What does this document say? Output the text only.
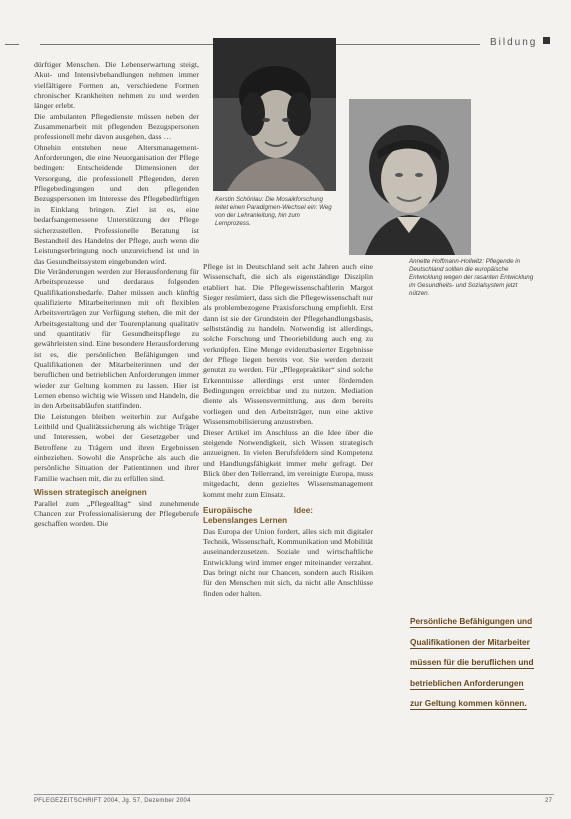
Bildung

dürftiger Menschen. Die Lebenserwartung steigt, Akut- und Intensivbehandlungen nehmen immer vielfältigere Formen an, verschiedene Formen chronischer Krankheiten nehmen zu und werden länger erlebt.

Die ambulanten Pflegedienste müssen neben der Zusammenarbeit mit pflegenden Bezugspersonen professionell mehr davon ausgehen, dass …

Ohnehin entstehen neue Altersmanagement-Anforderungen, die eine Neuorganisation der Pflege bedingen: Entscheidende Dimensionen der Versorgung, die professionell Pflegenden, deren Pflegebedingungen und den pflegenden Bezugspersonen im Interesse des Pflegebedürftigen in Einklang bringen. Ziel ist es, eine bedarfsangemessene Unterstützung der Pflege sicherzustellen. Professionelle Beratung ist Bestandteil des Handelns der Pflege, auch wenn die Leistungserbringung noch unzureichend ist und in das Gesundheitssystem eingebunden wird.

Die Veränderungen werden zur Herausforderung für Arbeitsprozesse und derdaraus folgenden Qualifikationsbedarfe. Daher müssen auch künftig qualifizierte Mitarbeiterinnen mit oft flexiblen Arbeitsverträgen zur Verfügung stehen, die mit der Arbeitsgestaltung und der Tourenplanung qualitativ und quantitativ für Gesundheitspflege zu gewährleisten sind. Eine besondere Herausforderung ist es, die persönlichen Befähigungen und Qualifikationen der Mitarbeiterinnen und der beruflichen und betrieblichen Anforderungen immer wieder zur Geltung kommen zu lassen. Hier ist Lernen ebenso wichtig wie Wissen und Handeln, die in den Arbeitsabläufen stattfinden.

Die Leistungen bleiben weiterhin zur Aufgabe Leitbild und Qualitätssicherung als wichtige Träger und Interessen, wobei der Gesetzgeber und Betroffene zu Trägern und ihren Ergebnissen einbeziehen. Sowohl die Ansprüche als auch die persönliche Situation der Patientinnen und ihrer Familie wachsen mit, die zu erfüllen sind.

Wissen strategisch aneignen

Parallel zum „Pflegealltag“ sind zunehmende Chancen zur Professionalisierung der Pflegeberufe geschaffen worden. Die

Kerstin Schönlau: Die Mosaikforschung leitet einen Paradigmen-Wechsel ein: Weg von der Lehranleitung, hin zum Lernprozess.
Annette Hoffmann-Hollwitz: Pflegende in Deutschland sollten die europäische Entwicklung wegen der rasanten Entwicklung im Gesundheits- und Sozialsystem jetzt nützen.

Pflege ist in Deutschland seit acht Jahren auch eine Wissenschaft, die sich als eigenständige Disziplin etabliert hat. Die Pflegewissenschaftlerin Margot Sieger resümiert, dass sich die Pflegewissenschaft nur als problembezogene Praxisforschung empfiehlt. Erst dann ist sie der Grundstein der Pflegehandlungsbasis, selbstständig zu handeln. Notwendig ist allerdings, solche Forschung und Theoriebildung auch eng zu verknüpfen. Eine Menge evidenzbasierter Ergebnisse der Pflege liegen bereits vor. Sie werden derzeit genutzt zu werden. Für „Pflegepraktiker“ sind solche Erkenntnisse allerdings erst unter fördernden Bedingungen erreichbar und zu nutzen. Mediation diente als Wissensvermittlung, aus dem bereits vorliegen und den Arbeitsträger, nun eine aktive Wissensmobilisierung anzustreben.

Dieser Artikel im Anschluss an die Idee über die steigende Notwendigkeit, sich Wissen strategisch anzueignen. In vielen Berufsfeldern sind Kompetenz und Handlungsfähigkeit immer mehr gefragt. Der Blick über den Tellerrand, im vereinigte Europa, muss mitgedacht, denn gezieltes Wissensmanagement kommt mehr zum Einsatz.

Europäische Idee: Lebenslanges Lernen

Das Europa der Union fordert, alles sich mit digitaler Technik, Wissenschaft, Kommunikation und Mobilität auseinanderzusetzen. Soziale und wirtschaftliche Entwicklung wird immer enger miteinander verzahnt. Das bringt nicht nur Chancen, sondern auch Risiken für den Menschen mit sich, da nicht alle Anschlüsse finden oder halten.

Persönliche Befähigungen und
Qualifikationen der Mitarbeiter
müssen für die beruflichen und
betrieblichen Anforderungen
zur Geltung kommen können.
PFLEGEZEITSCHRIFT 2004, Jg. 57, Dezember 2004	27
